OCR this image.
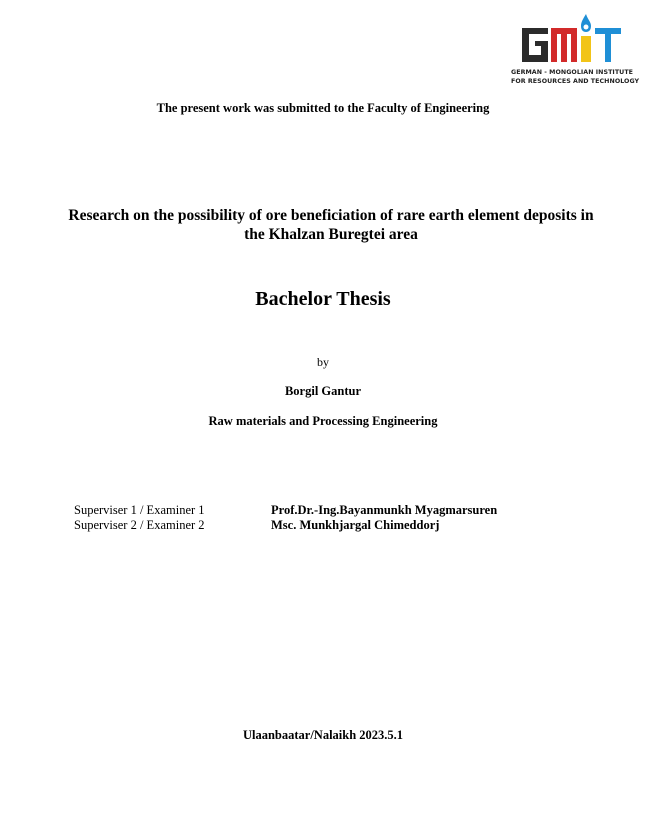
GERMAN - MONGOLIAN INSTITUTE
FOR RESOURCES AND TECHNOLOGY
The present work was submitted to the Faculty of Engineering
Research on the possibility of ore beneficiation of rare earth element deposits in
the Khalzan Buregtei area
Bachelor Thesis
by
Borgil Gantur
Raw materials and Processing Engineering
Superviser 1 / Examiner 1	Prof.Dr.-Ing.Bayanmunkh Myagmarsuren
Superviser 2 / Examiner 2	Msc. Munkhjargal Chimeddorj
Ulaanbaatar/Nalaikh 2023.5.1
